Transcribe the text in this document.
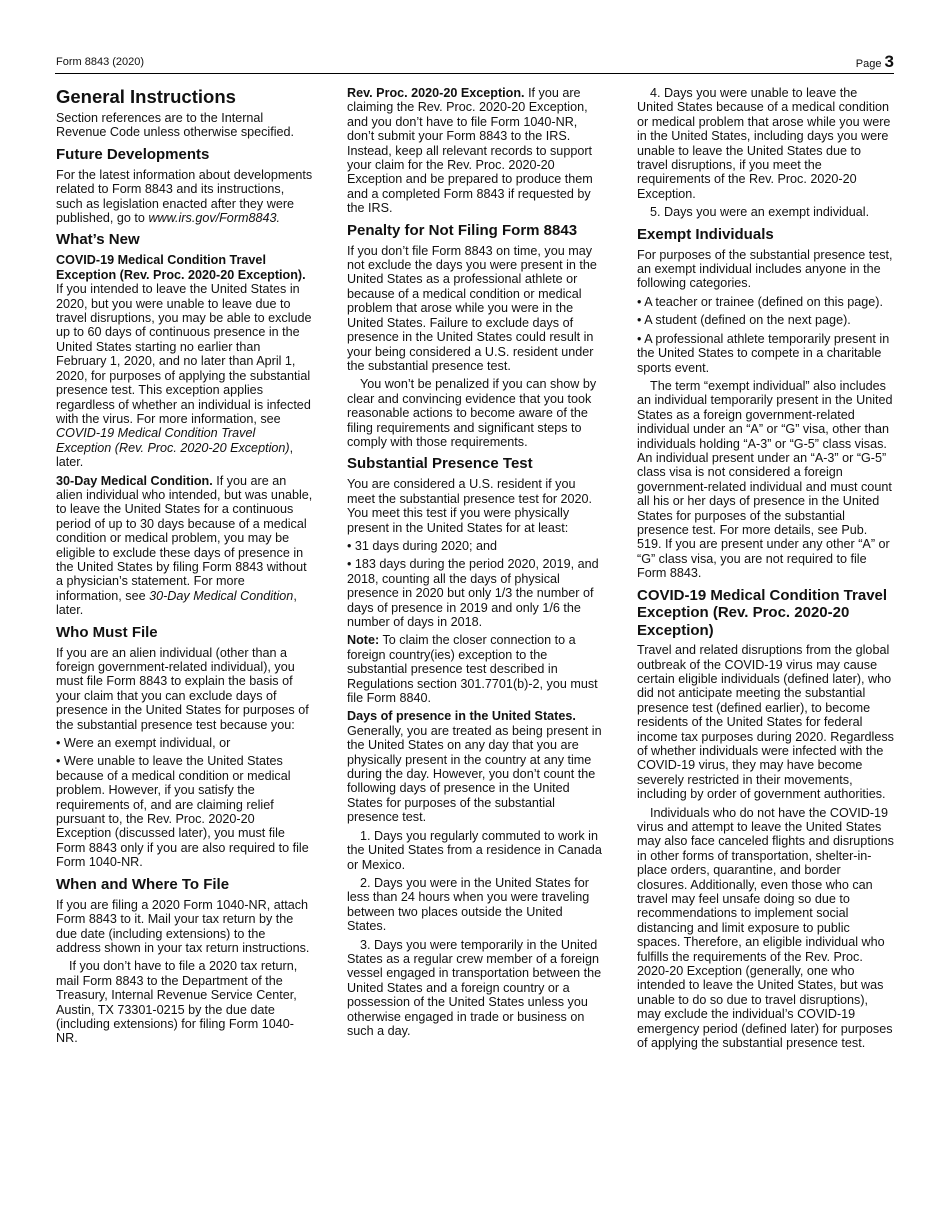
Form 8843 (2020)	Page 3
General Instructions

Section references are to the Internal Revenue Code unless otherwise specified.

Future Developments

For the latest information about developments related to Form 8843 and its instructions, such as legislation enacted after they were published, go to www.irs.gov/Form8843.

What’s New

COVID-19 Medical Condition Travel Exception (Rev. Proc. 2020-20 Exception). If you intended to leave the United States in 2020, but you were unable to leave due to travel disruptions, you may be able to exclude up to 60 days of continuous presence in the United States starting no earlier than February 1, 2020, and no later than April 1, 2020, for purposes of applying the substantial presence test. This exception applies regardless of whether an individual is infected with the virus. For more information, see COVID-19 Medical Condition Travel Exception (Rev. Proc. 2020-20 Exception), later.

30-Day Medical Condition. If you are an alien individual who intended, but was unable, to leave the United States for a continuous period of up to 30 days because of a medical condition or medical problem, you may be eligible to exclude these days of presence in the United States by filing Form 8843 without a physician’s statement. For more information, see 30-Day Medical Condition, later.

Who Must File

If you are an alien individual (other than a foreign government-related individual), you must file Form 8843 to explain the basis of your claim that you can exclude days of presence in the United States for purposes of the substantial presence test because you:

• Were an exempt individual, or

• Were unable to leave the United States because of a medical condition or medical problem. However, if you satisfy the requirements of, and are claiming relief pursuant to, the Rev. Proc. 2020-20 Exception (discussed later), you must file Form 8843 only if you are also required to file Form 1040-NR.

When and Where To File

If you are filing a 2020 Form 1040-NR, attach Form 8843 to it. Mail your tax return by the due date (including extensions) to the address shown in your tax return instructions.

If you don’t have to file a 2020 tax return, mail Form 8843 to the Department of the Treasury, Internal Revenue Service Center, Austin, TX 73301-0215 by the due date (including extensions) for filing Form 1040-NR.

Rev. Proc. 2020-20 Exception. If you are claiming the Rev. Proc. 2020-20 Exception, and you don’t have to file Form 1040-NR, don’t submit your Form 8843 to the IRS. Instead, keep all relevant records to support your claim for the Rev. Proc. 2020-20 Exception and be prepared to produce them and a completed Form 8843 if requested by the IRS.

Penalty for Not Filing Form 8843

If you don’t file Form 8843 on time, you may not exclude the days you were present in the United States as a professional athlete or because of a medical condition or medical problem that arose while you were in the United States. Failure to exclude days of presence in the United States could result in your being considered a U.S. resident under the substantial presence test.

You won’t be penalized if you can show by clear and convincing evidence that you took reasonable actions to become aware of the filing requirements and significant steps to comply with those requirements.

Substantial Presence Test

You are considered a U.S. resident if you meet the substantial presence test for 2020. You meet this test if you were physically present in the United States for at least:

• 31 days during 2020; and

• 183 days during the period 2020, 2019, and 2018, counting all the days of physical presence in 2020 but only 1/3 the number of days of presence in 2019 and only 1/6 the number of days in 2018.

Note: To claim the closer connection to a foreign country(ies) exception to the substantial presence test described in Regulations section 301.7701(b)-2, you must file Form 8840.

Days of presence in the United States. Generally, you are treated as being present in the United States on any day that you are physically present in the country at any time during the day. However, you don’t count the following days of presence in the United States for purposes of the substantial presence test.

1. Days you regularly commuted to work in the United States from a residence in Canada or Mexico.

2. Days you were in the United States for less than 24 hours when you were traveling between two places outside the United States.

3. Days you were temporarily in the United States as a regular crew member of a foreign vessel engaged in transportation between the United States and a foreign country or a possession of the United States unless you otherwise engaged in trade or business on such a day.

4. Days you were unable to leave the United States because of a medical condition or medical problem that arose while you were in the United States, including days you were unable to leave the United States due to travel disruptions, if you meet the requirements of the Rev. Proc. 2020-20 Exception.

5. Days you were an exempt individual.

Exempt Individuals

For purposes of the substantial presence test, an exempt individual includes anyone in the following categories.

• A teacher or trainee (defined on this page).

• A student (defined on the next page).

• A professional athlete temporarily present in the United States to compete in a charitable sports event.

The term “exempt individual” also includes an individual temporarily present in the United States as a foreign government-related individual under an “A” or “G” visa, other than individuals holding “A-3” or “G-5” class visas. An individual present under an “A-3” or “G-5” class visa is not considered a foreign government-related individual and must count all his or her days of presence in the United States for purposes of the substantial presence test. For more details, see Pub. 519. If you are present under any other “A” or “G” class visa, you are not required to file Form 8843.

COVID-19 Medical Condition Travel Exception (Rev. Proc. 2020-20 Exception)

Travel and related disruptions from the global outbreak of the COVID-19 virus may cause certain eligible individuals (defined later), who did not anticipate meeting the substantial presence test (defined earlier), to become residents of the United States for federal income tax purposes during 2020. Regardless of whether individuals were infected with the COVID-19 virus, they may have become severely restricted in their movements, including by order of government authorities.

Individuals who do not have the COVID-19 virus and attempt to leave the United States may also face canceled flights and disruptions in other forms of transportation, shelter-in-place orders, quarantine, and border closures. Additionally, even those who can travel may feel unsafe doing so due to recommendations to implement social distancing and limit exposure to public spaces. Therefore, an eligible individual who fulfills the requirements of the Rev. Proc. 2020-20 Exception (generally, one who intended to leave the United States, but was unable to do so due to travel disruptions), may exclude the individual’s COVID-19 emergency period (defined later) for purposes of applying the substantial presence test.
